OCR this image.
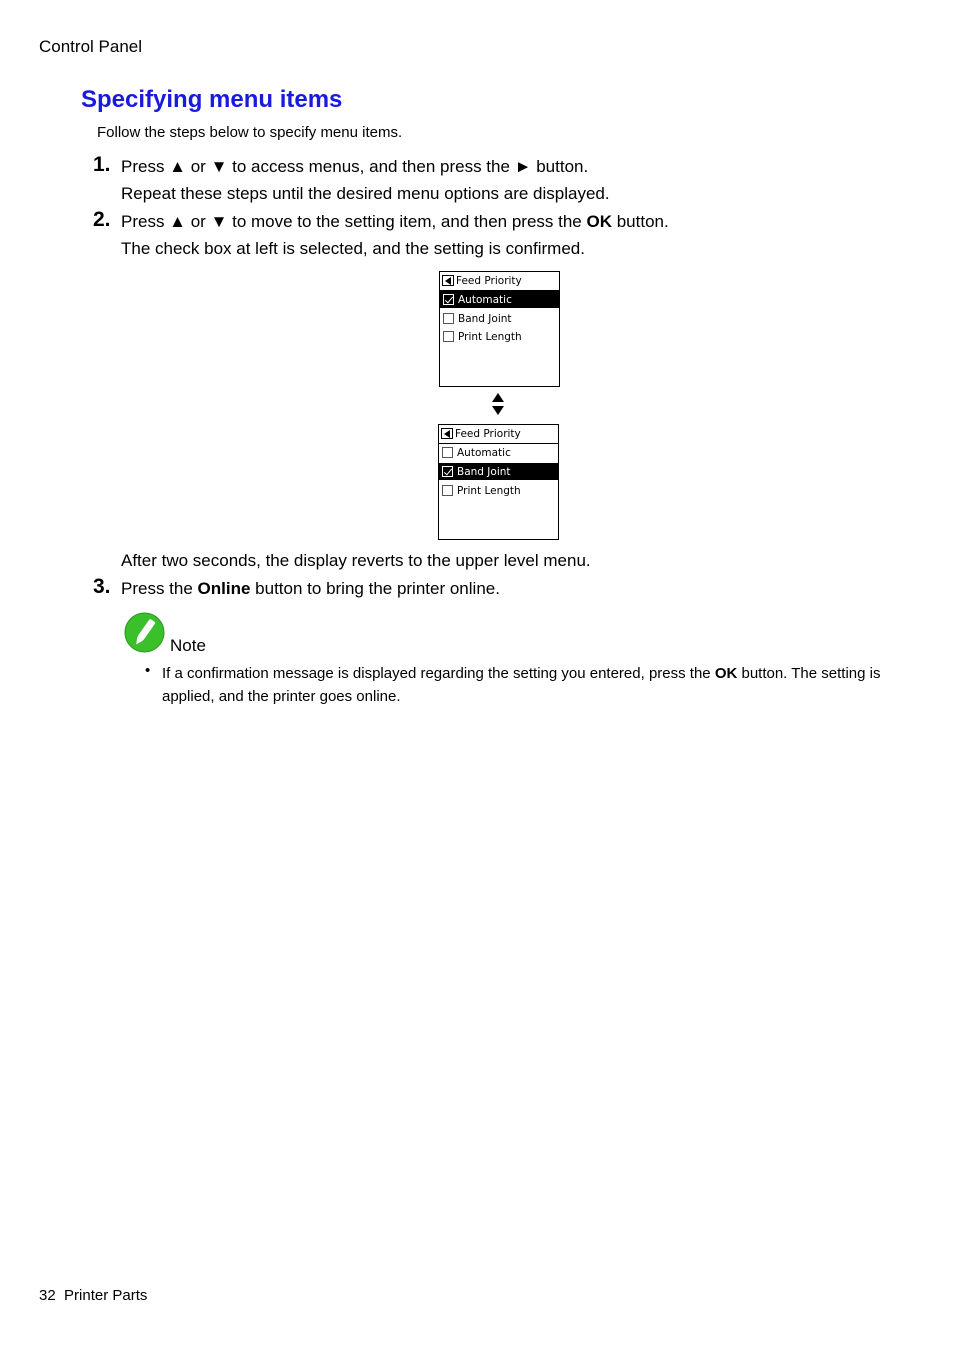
Control Panel
Specifying menu items
Follow the steps below to specify menu items.
1. Press ▲ or ▼ to access menus, and then press the ► button.
Repeat these steps until the desired menu options are displayed.
2. Press ▲ or ▼ to move to the setting item, and then press the OK button.
The check box at left is selected, and the setting is confirmed.
Feed Priority
Automatic
Band Joint
Print Length
Feed Priority
Automatic
Band Joint
Print Length
After two seconds, the display reverts to the upper level menu.
3. Press the Online button to bring the printer online.
Note
• If a confirmation message is displayed regarding the setting you entered, press the OK button. The setting is applied, and the printer goes online.
32 Printer Parts
